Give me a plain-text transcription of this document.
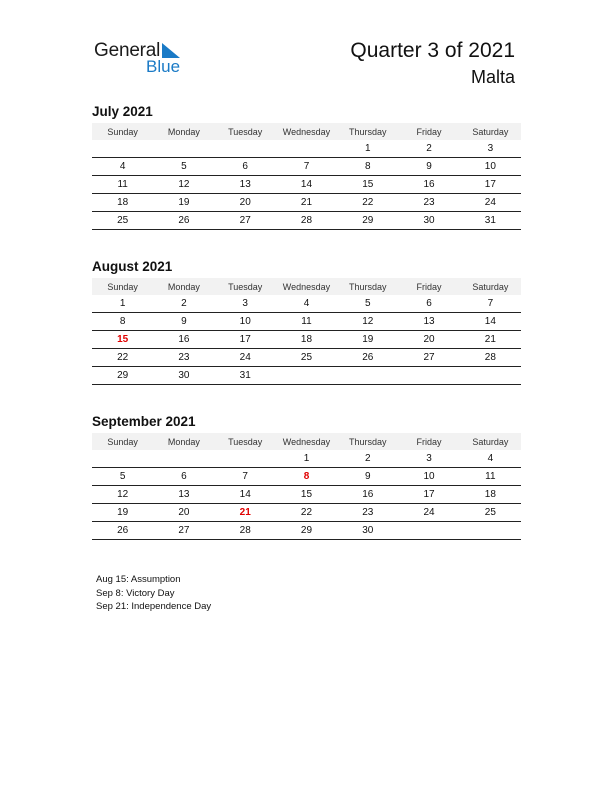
General
Blue
Quarter 3 of 2021
Malta
July 2021
Sunday	Monday	Tuesday	Wednesday	Thursday	Friday	Saturday
				1	2	3
4	5	6	7	8	9	10
11	12	13	14	15	16	17
18	19	20	21	22	23	24
25	26	27	28	29	30	31
August 2021
Sunday	Monday	Tuesday	Wednesday	Thursday	Friday	Saturday
1	2	3	4	5	6	7
8	9	10	11	12	13	14
15	16	17	18	19	20	21
22	23	24	25	26	27	28
29	30	31				
September 2021
Sunday	Monday	Tuesday	Wednesday	Thursday	Friday	Saturday
			1	2	3	4
5	6	7	8	9	10	11
12	13	14	15	16	17	18
19	20	21	22	23	24	25
26	27	28	29	30		
Aug 15: Assumption
Sep 8: Victory Day
Sep 21: Independence Day
